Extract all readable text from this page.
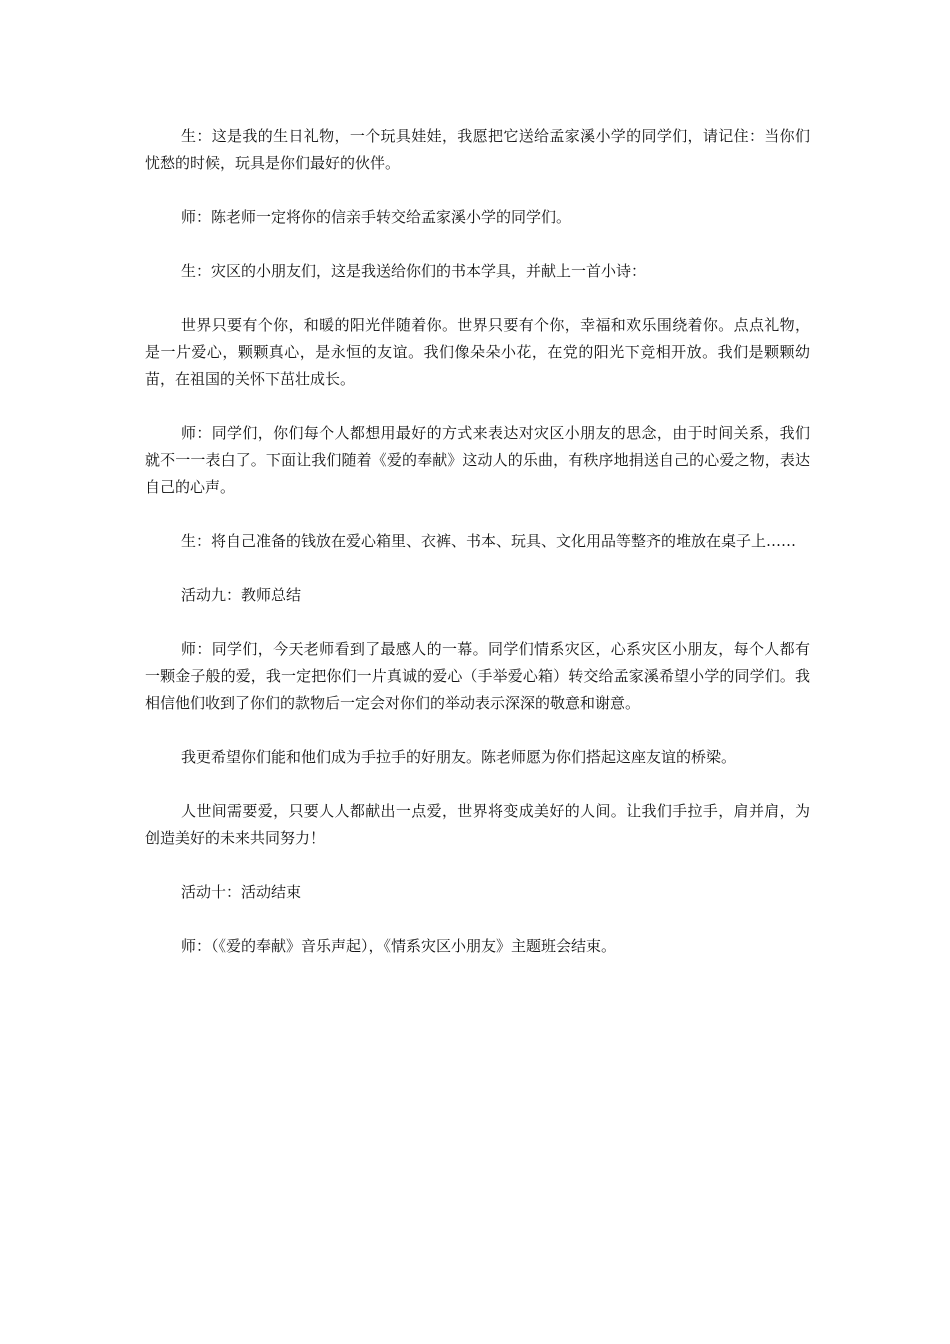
生：这是我的生日礼物，一个玩具娃娃，我愿把它送给孟家溪小学的同学们，请记住：当你们忧愁的时候，玩具是你们最好的伙伴。

师：陈老师一定将你的信亲手转交给孟家溪小学的同学们。

生：灾区的小朋友们，这是我送给你们的书本学具，并献上一首小诗：

世界只要有个你，和暖的阳光伴随着你。世界只要有个你，幸福和欢乐围绕着你。点点礼物，是一片爱心，颗颗真心，是永恒的友谊。我们像朵朵小花，在党的阳光下竞相开放。我们是颗颗幼苗，在祖国的关怀下茁壮成长。

师：同学们，你们每个人都想用最好的方式来表达对灾区小朋友的思念，由于时间关系，我们就不一一表白了。下面让我们随着《爱的奉献》这动人的乐曲，有秩序地捐送自己的心爱之物，表达自己的心声。

生：将自己准备的钱放在爱心箱里、衣裤、书本、玩具、文化用品等整齐的堆放在桌子上……

活动九：教师总结

师：同学们，今天老师看到了最感人的一幕。同学们情系灾区，心系灾区小朋友，每个人都有一颗金子般的爱，我一定把你们一片真诚的爱心（手举爱心箱）转交给孟家溪希望小学的同学们。我相信他们收到了你们的款物后一定会对你们的举动表示深深的敬意和谢意。

我更希望你们能和他们成为手拉手的好朋友。陈老师愿为你们搭起这座友谊的桥梁。

人世间需要爱，只要人人都献出一点爱，世界将变成美好的人间。让我们手拉手，肩并肩，为创造美好的未来共同努力！

活动十：活动结束

师：（《爱的奉献》音乐声起），《情系灾区小朋友》主题班会结束。
